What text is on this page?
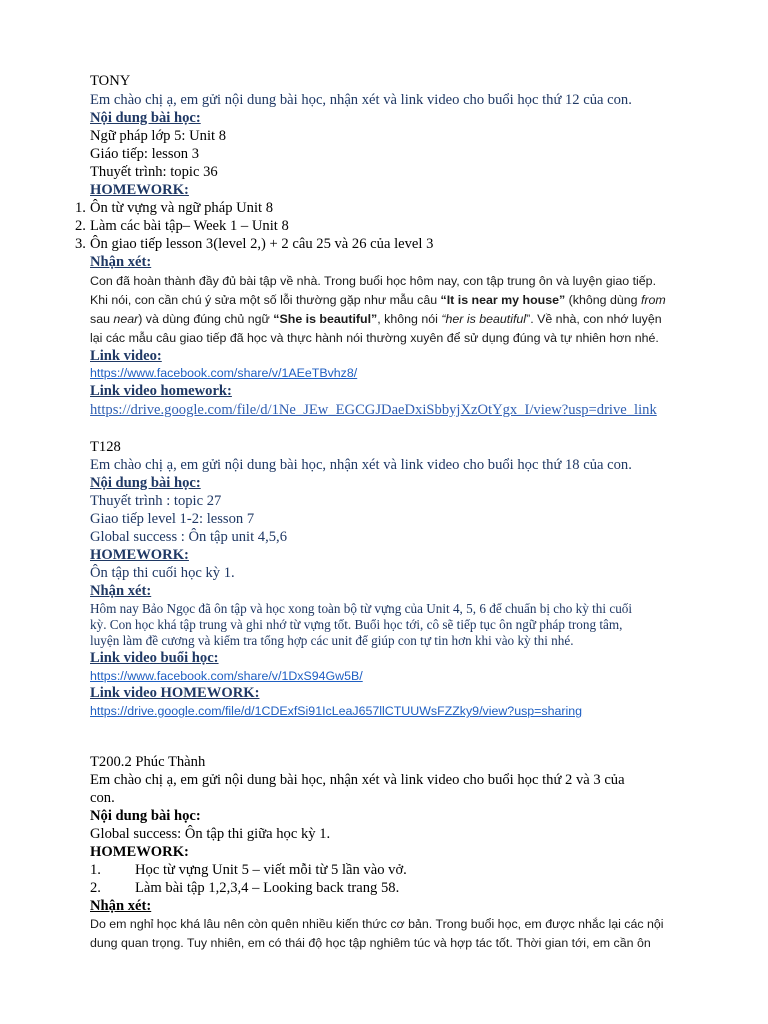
TONY
Em chào chị ạ, em gửi nội dung bài học, nhận xét và link video cho buổi học thứ 12 của con.
Nội dung bài học:
Ngữ pháp lớp 5: Unit 8
Giáo tiếp: lesson 3
Thuyết trình: topic 36
HOMEWORK:
1. Ôn từ vựng và ngữ pháp Unit 8
2. Làm các bài tập– Week 1 – Unit 8
3. Ôn giao tiếp lesson 3(level 2,) + 2 câu 25 và 26 của level 3
Nhận xét:
Con đã hoàn thành đầy đủ bài tập về nhà. Trong buổi học hôm nay, con tập trung ôn và luyện giao tiếp.
Khi nói, con cần chú ý sửa một số lỗi thường gặp như mẫu câu “It is near my house” (không dùng from
sau near) và dùng đúng chủ ngữ “She is beautiful”, không nói “her is beautiful”. Về nhà, con nhớ luyện
lại các mẫu câu giao tiếp đã học và thực hành nói thường xuyên để sử dụng đúng và tự nhiên hơn nhé.
Link video:
https://www.facebook.com/share/v/1AEeTBvhz8/
Link video homework:
https://drive.google.com/file/d/1Ne_JEw_EGCGJDaeDxiSbbyjXzOtYgx_I/view?usp=drive_link
T128
Em chào chị ạ, em gửi nội dung bài học, nhận xét và link video cho buổi học thứ 18 của con.
Nội dung bài học:
Thuyết trình : topic 27
Giao tiếp level 1-2: lesson 7
Global success : Ôn tập unit 4,5,6
HOMEWORK:
Ôn tập thi cuối học kỳ 1.
Nhận xét:
Hôm nay Bảo Ngọc đã ôn tập và học xong toàn bộ từ vựng của Unit 4, 5, 6 để chuẩn bị cho kỳ thi cuối
kỳ. Con học khá tập trung và ghi nhớ từ vựng tốt. Buổi học tới, cô sẽ tiếp tục ôn ngữ pháp trong tâm,
luyện làm đề cương và kiểm tra tổng hợp các unit để giúp con tự tin hơn khi vào kỳ thi nhé.
Link video buổi học:
https://www.facebook.com/share/v/1DxS94Gw5B/
Link video HOMEWORK:
https://drive.google.com/file/d/1CDExfSi91IcLeaJ657llCTUUWsFZZky9/view?usp=sharing
T200.2 Phúc Thành
Em chào chị ạ, em gửi nội dung bài học, nhận xét và link video cho buổi học thứ 2 và 3 của
con.
Nội dung bài học:
Global success: Ôn tập thi giữa học kỳ 1.
HOMEWORK:
1. Học từ vựng Unit 5 – viết mỗi từ 5 lần vào vở.
2. Làm bài tập 1,2,3,4 – Looking back trang 58.
Nhận xét:
Do em nghỉ học khá lâu nên còn quên nhiều kiến thức cơ bản. Trong buổi học, em được nhắc lại các nội
dung quan trọng. Tuy nhiên, em có thái độ học tập nghiêm túc và hợp tác tốt. Thời gian tới, em cần ôn
